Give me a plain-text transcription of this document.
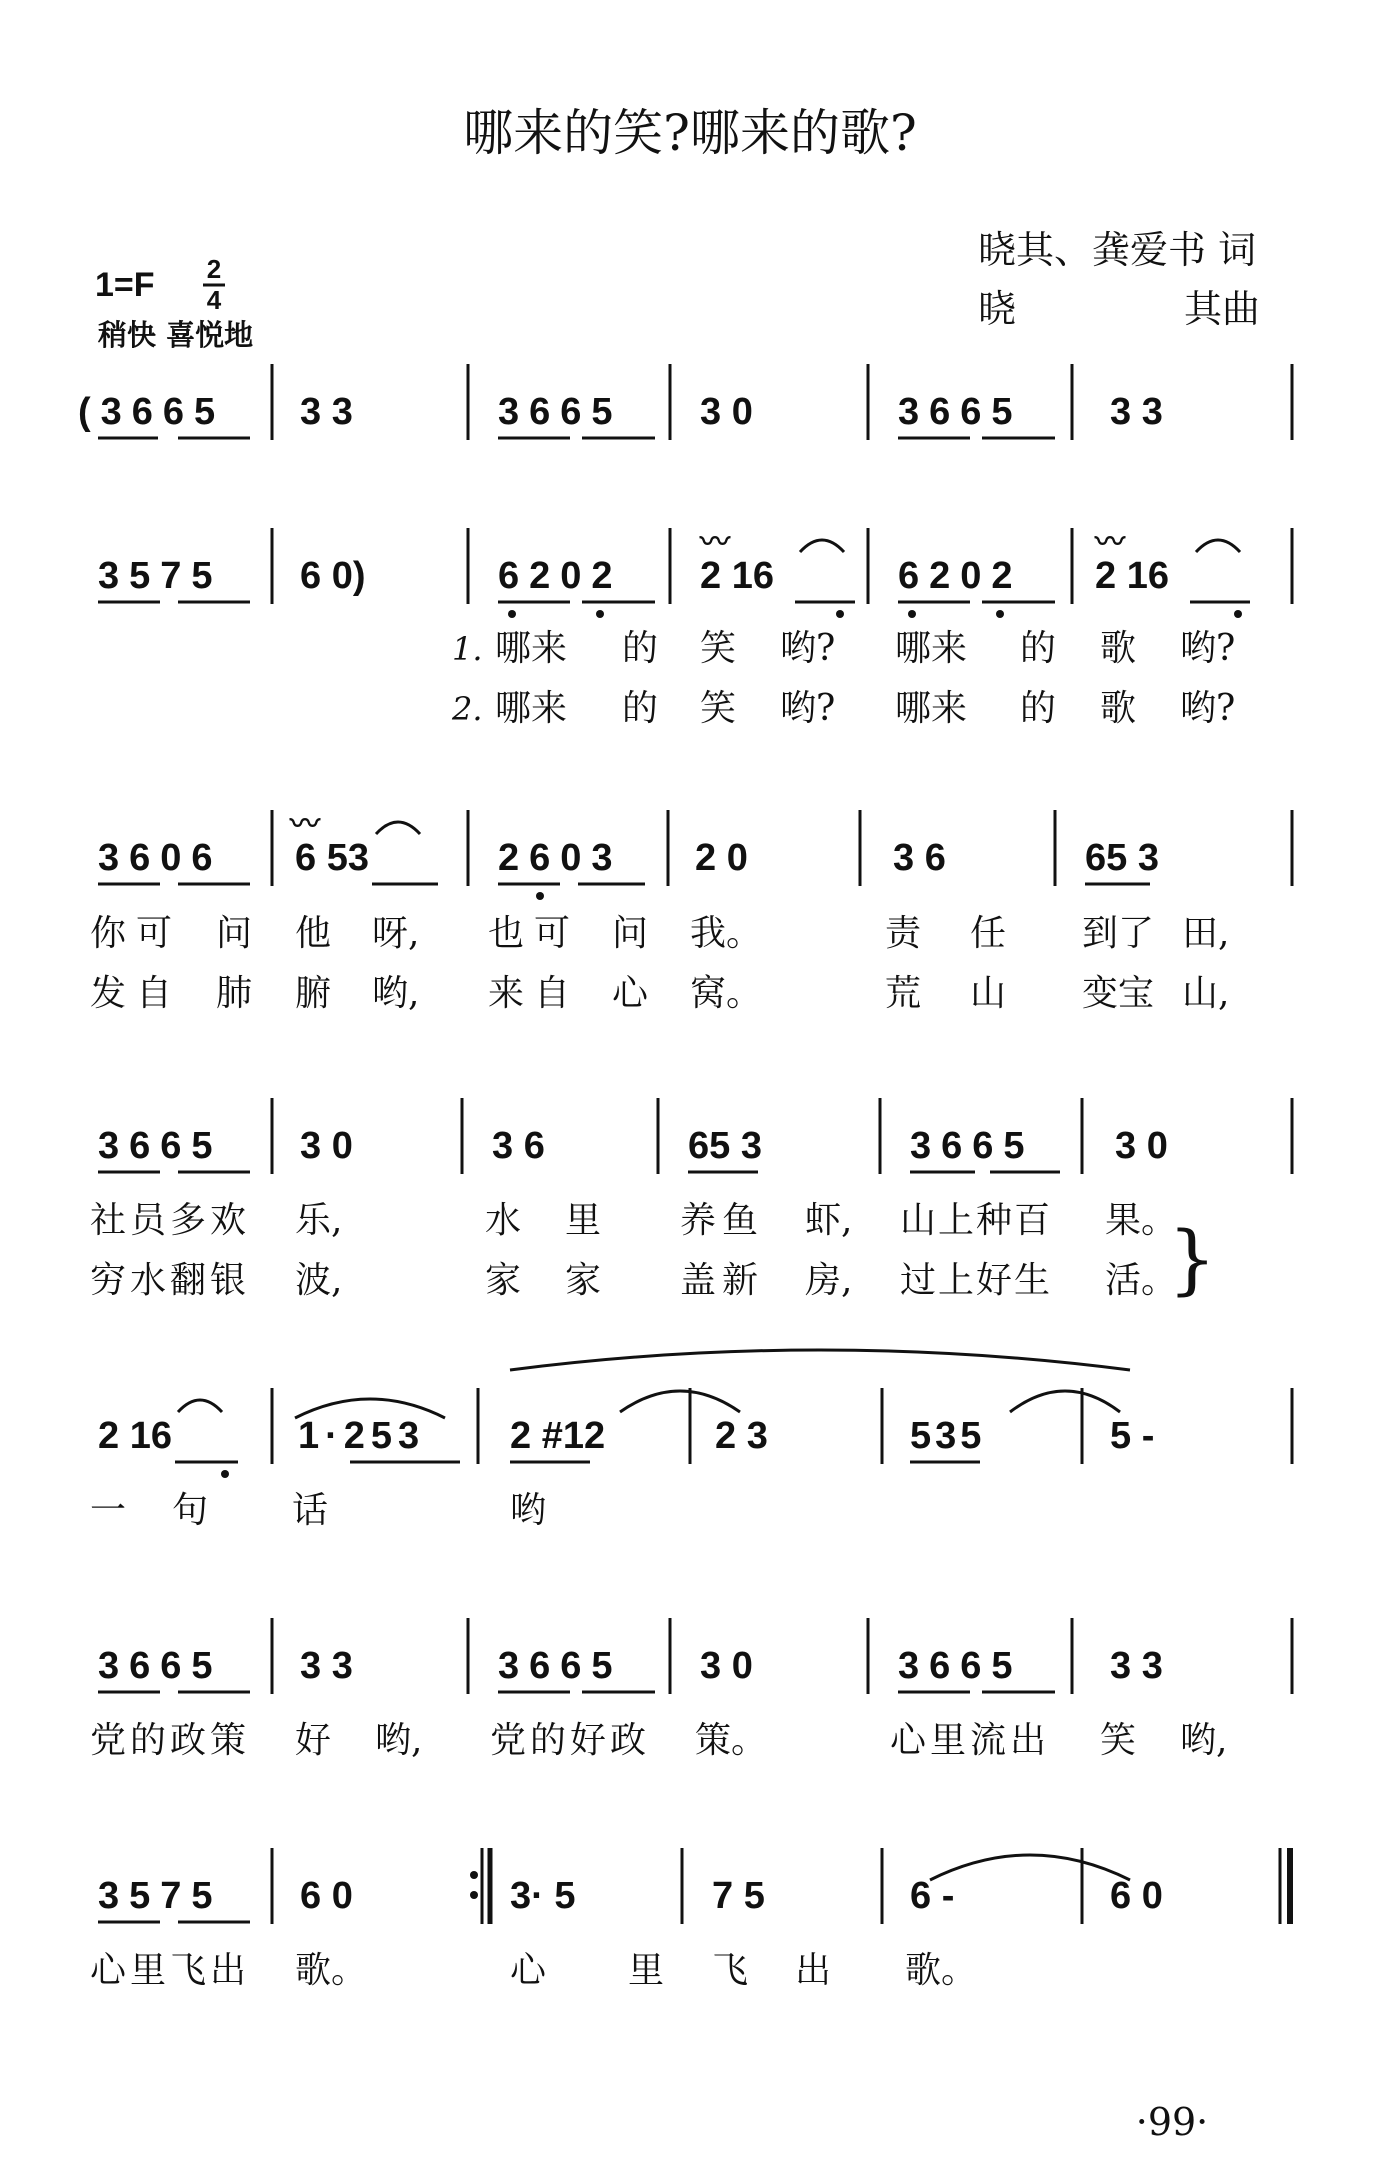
哪来的笑?哪来的歌?
晓其、龚爱书 词
晓	其曲
1=F 2
4
稍快 喜悦地
(3665 3 3	3665 3 0	3665 3 3
3575 6 0)	6202 2 16
〰
6202 2 16
〰
1. 哪来 的 笑 哟? 哪来 的 歌 哟?
2. 哪来 的 笑 哟? 哪来 的 歌 哟?
3606 6 53
〰
2603 2 0	3 6	65 3
你可 问 他 呀, 也可 问 我。	责 任 到了 田,
发自 肺 腑 哟, 来自 心 窝。	荒 山 变宝 山,
3665 3 0	3 6	65 3	3665 3 0
社员多欢 乐,	水 里 养鱼 虾, 山上种百 果。
穷水翻银 波,	家 家 盖新 房, 过上好生 活。
}
2 16	1·253 2 #12	2 3	535	5 -
一 句 话	哟
3665 3 3	3665 3 0	3665 3 3
党的政策 好 哟, 党的好政 策。	心里流出 笑 哟,
3575 6 0	3· 5	7 5	6 -	6 0
心里飞出 歌。	心 里 飞 出 歌。
·99·
